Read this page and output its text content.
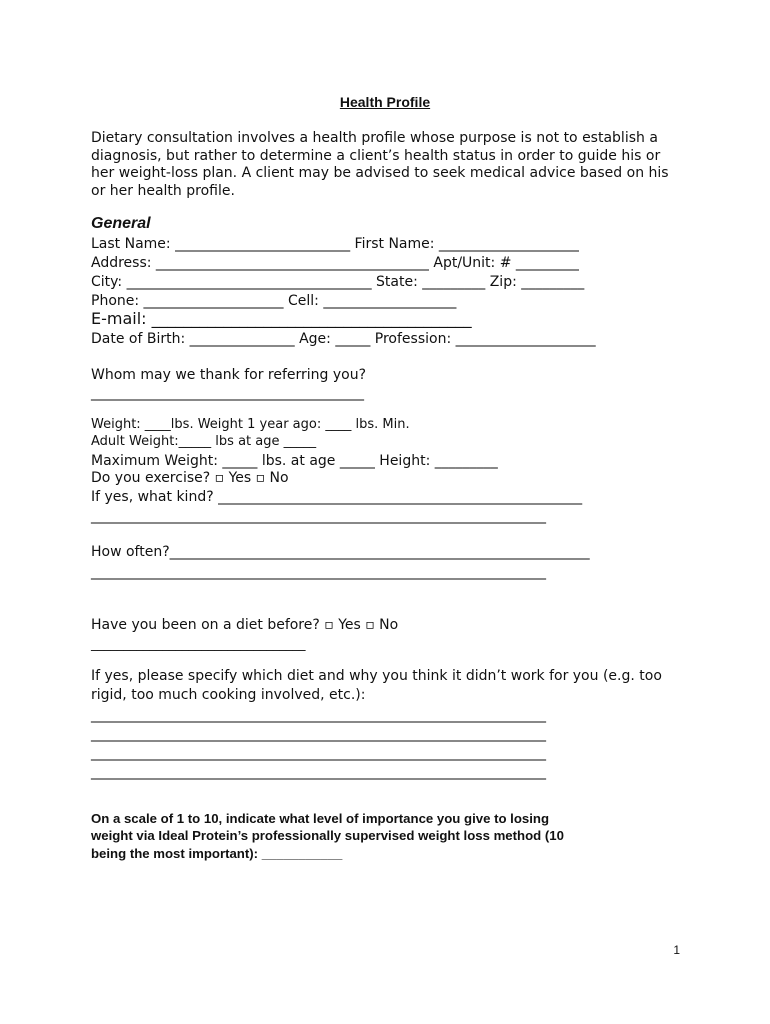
Health Profile
Dietary consultation involves a health profile whose purpose is not to establish a
diagnosis, but rather to determine a client’s health status in order to guide his or
her weight-loss plan. A client may be advised to seek medical advice based on his
or her health profile.
General
Last Name: _________________________ First Name: ____________________
Address: _______________________________________ Apt/Unit: # _________
City: ___________________________________ State: _________ Zip: _________
Phone: ____________________ Cell: ___________________
E-mail: ________________________________________
Date of Birth: _______________ Age: _____ Profession: ____________________
Whom may we thank for referring you?
_______________________________________
Weight: ____lbs. Weight 1 year ago: ____ lbs. Min.
Adult Weight:_____ lbs at age _____
Maximum Weight: _____ lbs. at age _____ Height: _________
Do you exercise? ▫ Yes ▫ No
If yes, what kind? ____________________________________________________
_________________________________________________________________
How often?____________________________________________________________
_________________________________________________________________
Have you been on a diet before? ▫ Yes ▫ No
_________________________________
If yes, please specify which diet and why you think it didn’t work for you (e.g. too
rigid, too much cooking involved, etc.):
_________________________________________________________________
_________________________________________________________________
_________________________________________________________________
_________________________________________________________________
On a scale of 1 to 10, indicate what level of importance you give to losing
weight via Ideal Protein’s professionally supervised weight loss method (10
being the most important): ___________
1
